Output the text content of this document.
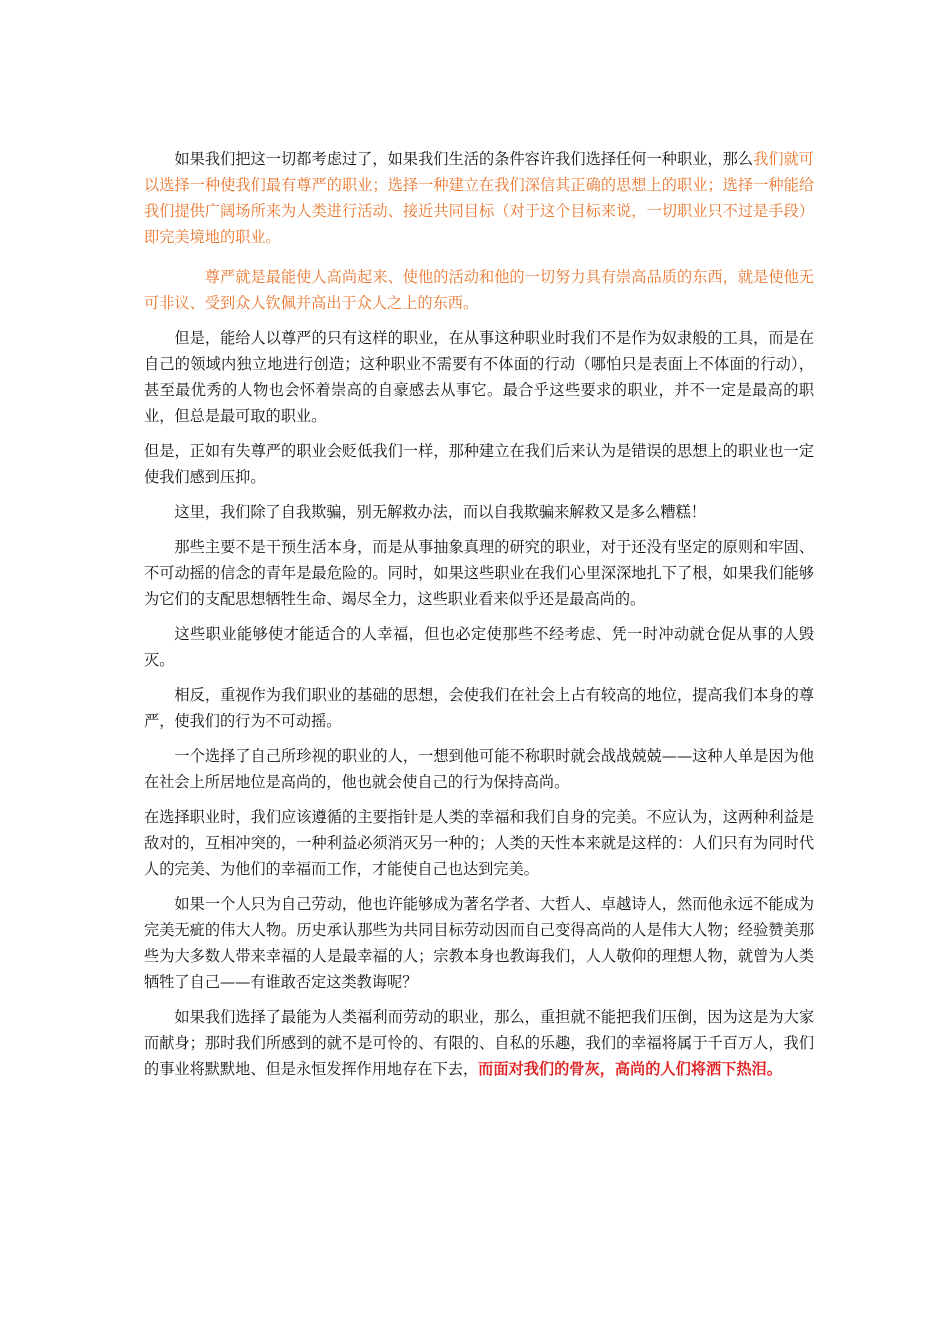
如果我们把这一切都考虑过了，如果我们生活的条件容许我们选择任何一种职业，那么我们就可以选择一种使我们最有尊严的职业；选择一种建立在我们深信其正确的思想上的职业；选择一种能给我们提供广阔场所来为人类进行活动、接近共同目标（对于这个目标来说，一切职业只不过是手段）即完美境地的职业。

尊严就是最能使人高尚起来、使他的活动和他的一切努力具有崇高品质的东西，就是使他无可非议、受到众人钦佩并高出于众人之上的东西。

但是，能给人以尊严的只有这样的职业，在从事这种职业时我们不是作为奴隶般的工具，而是在自己的领域内独立地进行创造；这种职业不需要有不体面的行动（哪怕只是表面上不体面的行动），甚至最优秀的人物也会怀着崇高的自豪感去从事它。最合乎这些要求的职业，并不一定是最高的职业，但总是最可取的职业。

但是，正如有失尊严的职业会贬低我们一样，那种建立在我们后来认为是错误的思想上的职业也一定使我们感到压抑。

这里，我们除了自我欺骗，别无解救办法，而以自我欺骗来解救又是多么糟糕！

那些主要不是干预生活本身，而是从事抽象真理的研究的职业，对于还没有坚定的原则和牢固、不可动摇的信念的青年是最危险的。同时，如果这些职业在我们心里深深地扎下了根，如果我们能够为它们的支配思想牺牲生命、竭尽全力，这些职业看来似乎还是最高尚的。

这些职业能够使才能适合的人幸福，但也必定使那些不经考虑、凭一时冲动就仓促从事的人毁灭。

相反，重视作为我们职业的基础的思想，会使我们在社会上占有较高的地位，提高我们本身的尊严，使我们的行为不可动摇。

一个选择了自己所珍视的职业的人，一想到他可能不称职时就会战战兢兢——这种人单是因为他在社会上所居地位是高尚的，他也就会使自己的行为保持高尚。

在选择职业时，我们应该遵循的主要指针是人类的幸福和我们自身的完美。不应认为，这两种利益是敌对的，互相冲突的，一种利益必须消灭另一种的；人类的天性本来就是这样的：人们只有为同时代人的完美、为他们的幸福而工作，才能使自己也达到完美。

如果一个人只为自己劳动，他也许能够成为著名学者、大哲人、卓越诗人，然而他永远不能成为完美无疵的伟大人物。历史承认那些为共同目标劳动因而自己变得高尚的人是伟大人物；经验赞美那些为大多数人带来幸福的人是最幸福的人；宗教本身也教诲我们，人人敬仰的理想人物，就曾为人类牺牲了自己——有谁敢否定这类教诲呢？

如果我们选择了最能为人类福利而劳动的职业，那么，重担就不能把我们压倒，因为这是为大家而献身；那时我们所感到的就不是可怜的、有限的、自私的乐趣，我们的幸福将属于千百万人，我们的事业将默默地、但是永恒发挥作用地存在下去，而面对我们的骨灰，高尚的人们将洒下热泪。
